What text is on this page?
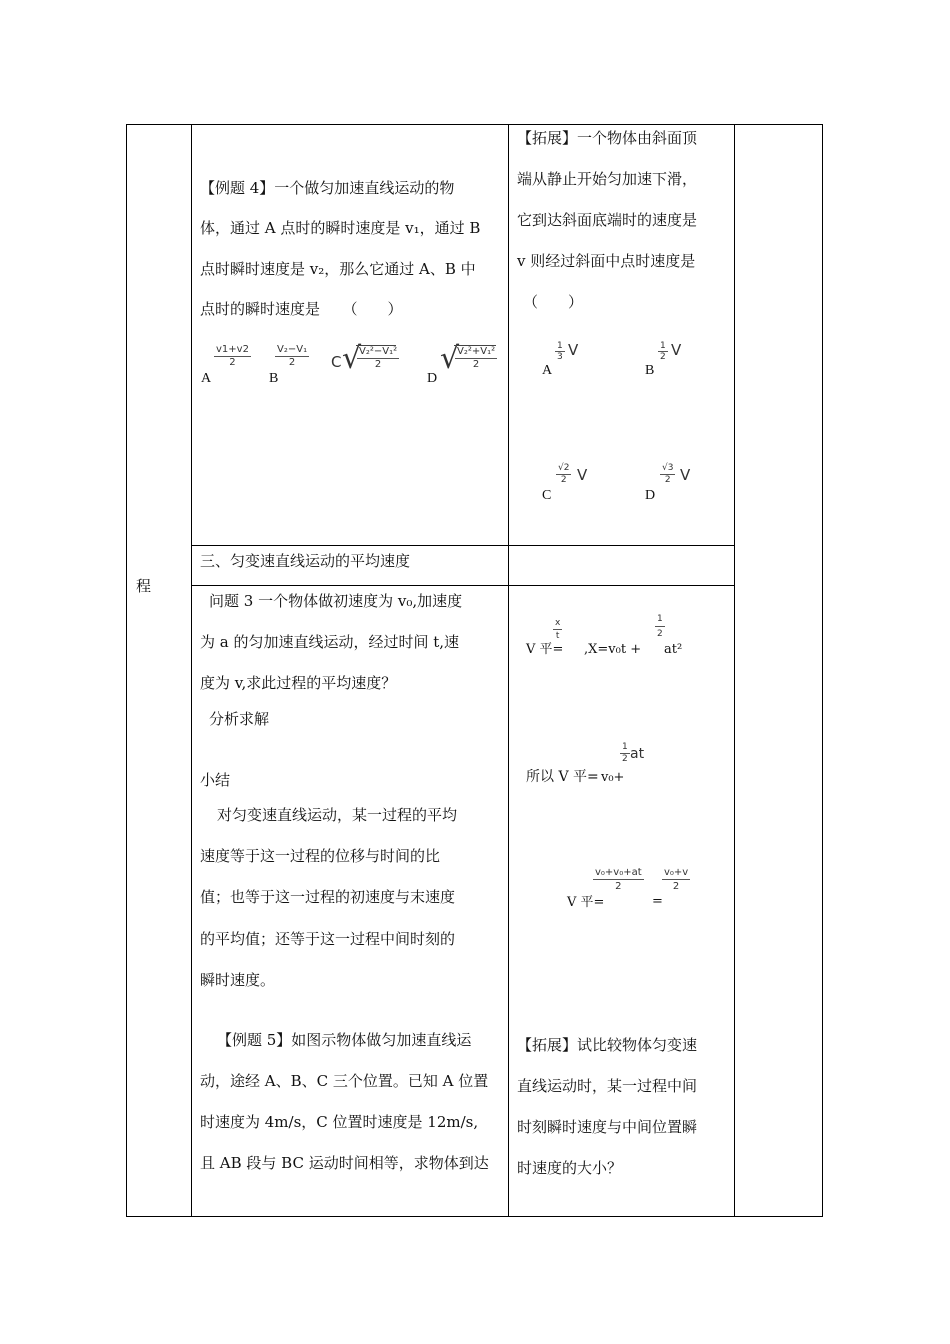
程
【例题 4】一个做匀加速直线运动的物
体，通过 A 点时的瞬时速度是 v₁，通过 B
点时瞬时速度是 v₂，那么它通过 A、B 中
点时的瞬时速度是　　（　　）
A
$\frac{v1+v2}{2}$
B
$\frac{\text{V₂−V₁}}{2}$ C √
$\frac{\text{V₂²−V₁²}}{2}$
D
√
$\frac{\text{V₂²+V₁²}}{2}$
【拓展】一个物体由斜面顶
端从静止开始匀加速下滑，
它到达斜面底端时的速度是
v 则经过斜面中点时速度是
（　　）
A
$\frac{1}{3}$ V
B
$\frac{1}{2}$ V
C
$\frac{√2}{2}$ V
D
$\frac{√3}{2}$ V
三、匀变速直线运动的平均速度
问题 3 一个物体做初速度为 v₀,加速度
为 a 的匀加速直线运动，经过时间 t,速
度为 v,求此过程的平均速度？
分析求解
小结
对匀变速直线运动，某一过程的平均
速度等于这一过程的位移与时间的比
值；也等于这一过程的初速度与末速度
的平均值；还等于这一过程中间时刻的
瞬时速度。
V 平=
$\frac{x}{t}$
,X=v₀t +
$\frac{1}{2}$
at²
所以 V 平= v₀+
$\frac{1}{2}$ at
V 平=
$\frac{\text{v₀+v₀+at}}{2}$
=
$\frac{\text{v₀+v}}{2}$
【例题 5】如图示物体做匀加速直线运
动，途经 A、B、C 三个位置。已知 A 位置
时速度为 4m/s，C 位置时速度是 12m/s,
且 AB 段与 BC 运动时间相等，求物体到达
【拓展】试比较物体匀变速
直线运动时，某一过程中间
时刻瞬时速度与中间位置瞬
时速度的大小？
